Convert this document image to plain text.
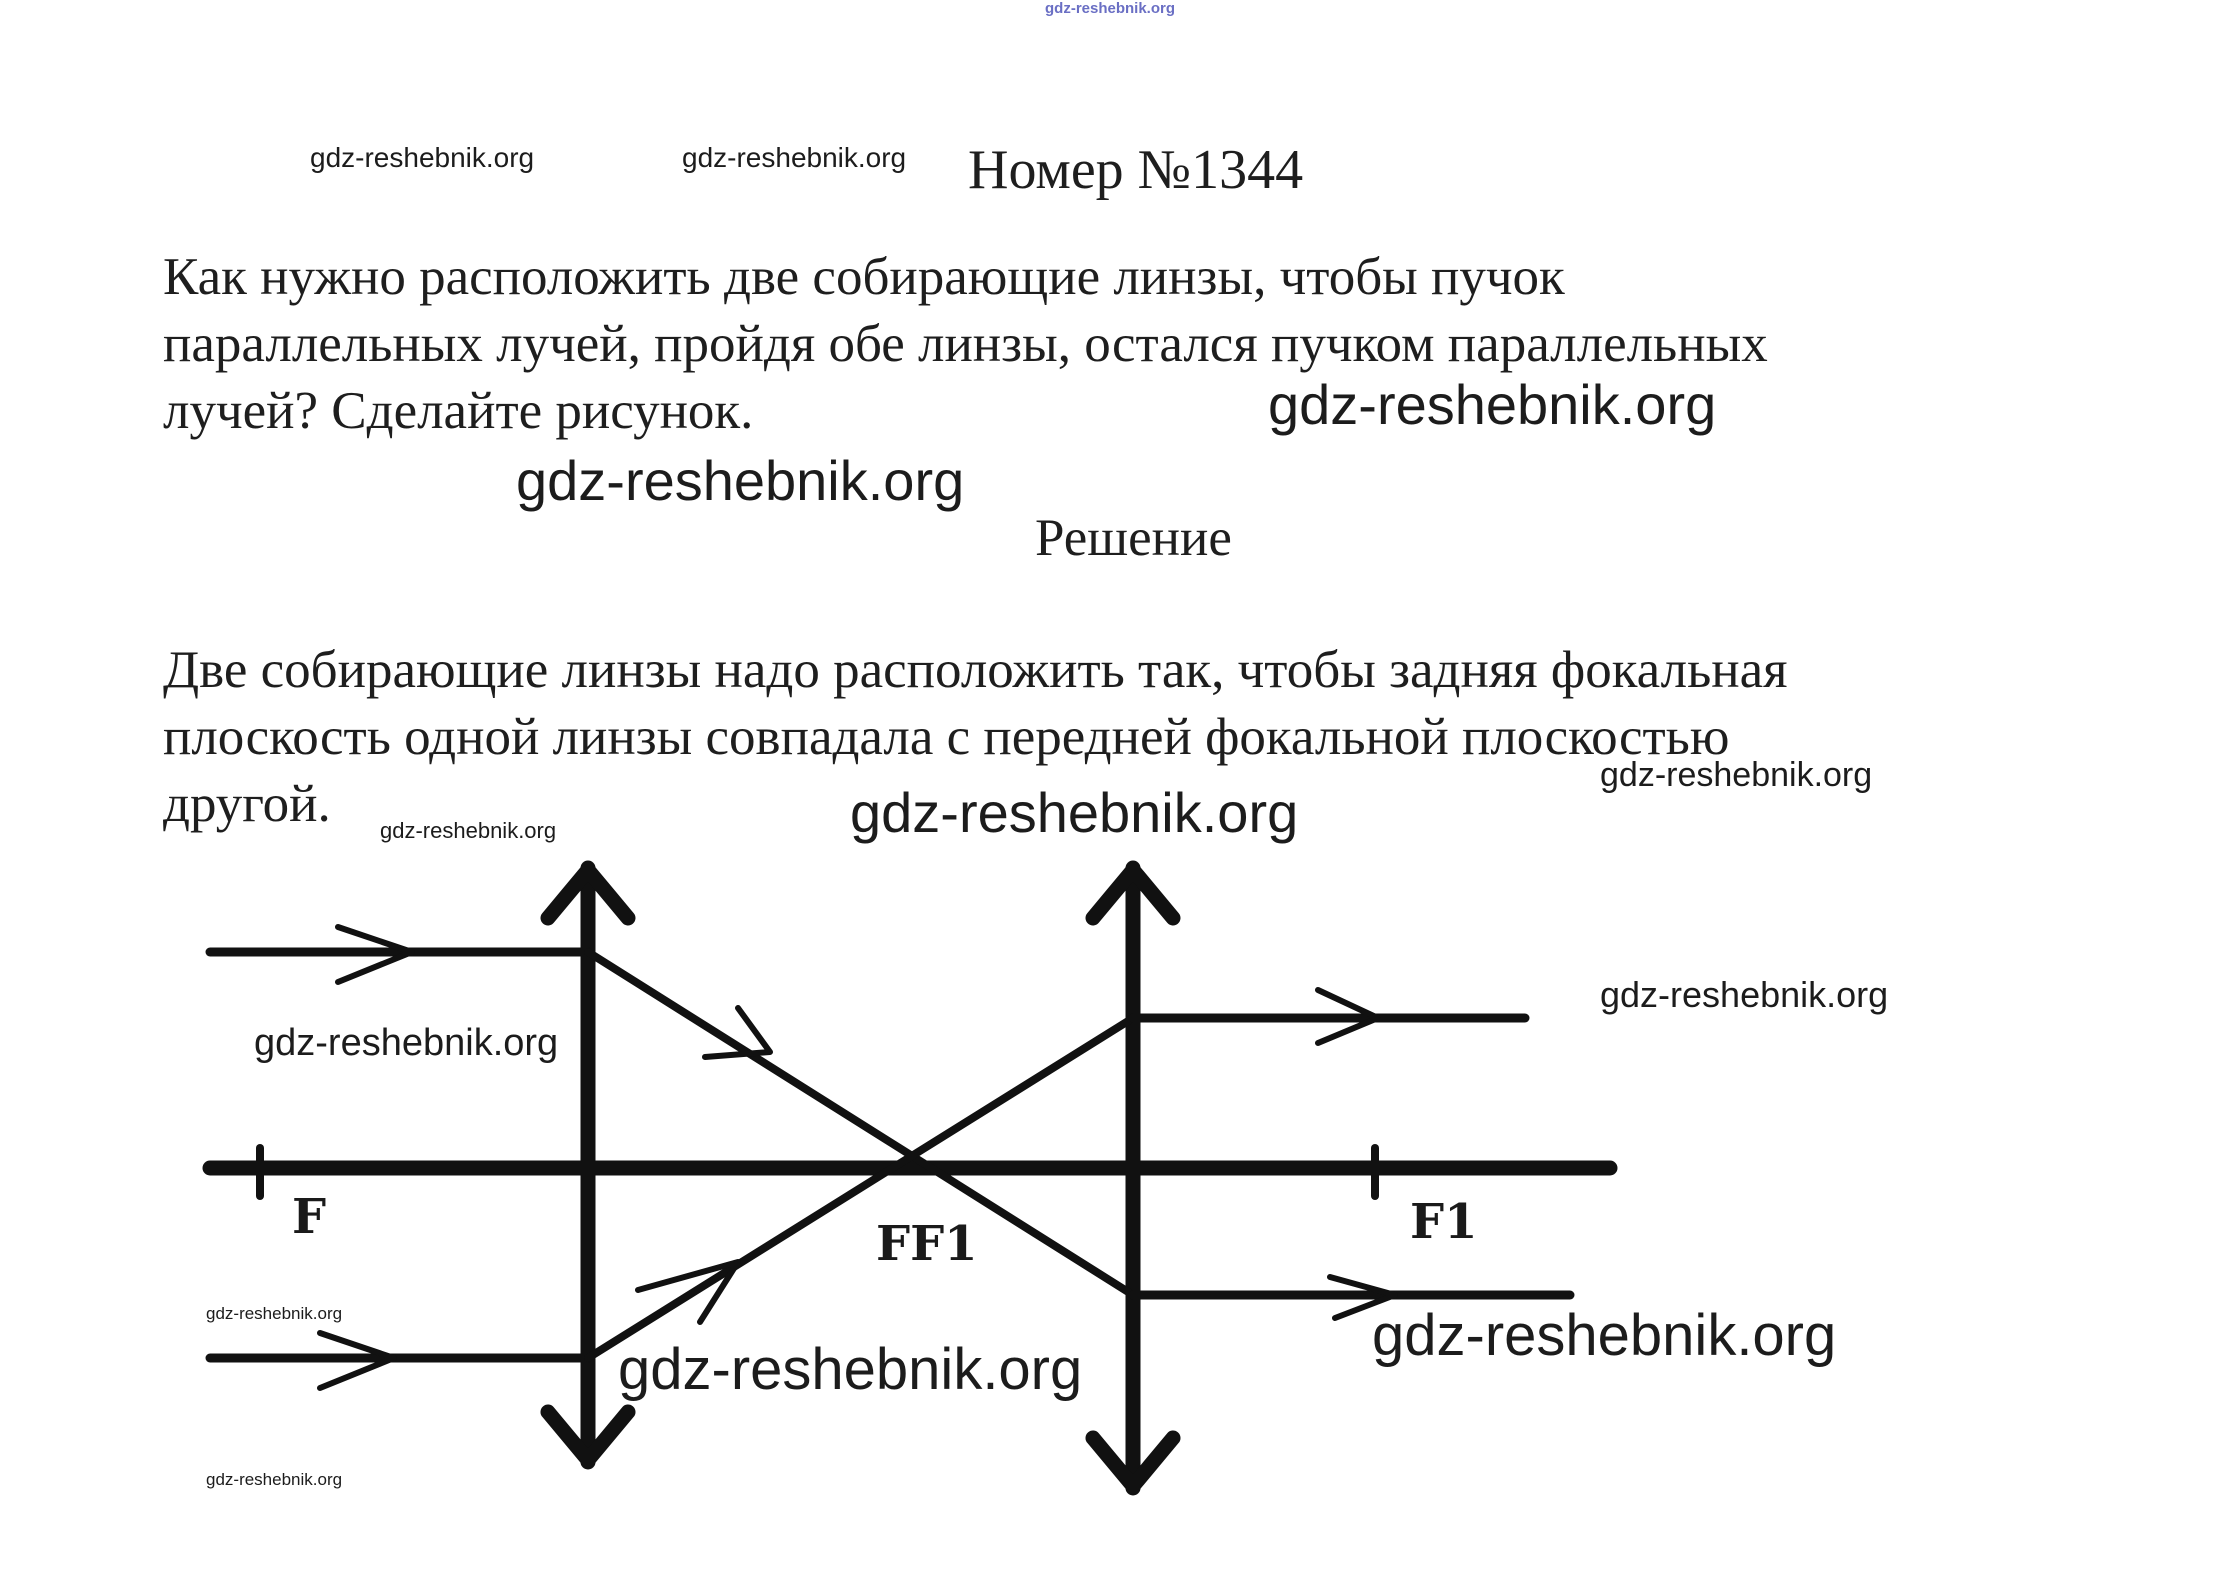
gdz-reshebnik.org
gdz-reshebnik.org	gdz-reshebnik.org Номер №1344
Как нужно расположить две собирающие линзы, чтобы пучок
параллельных лучей, пройдя обе линзы, остался пучком параллельных
лучей? Сделайте рисунок.	gdz-reshebnik.org
gdz-reshebnik.org
Решение
Две собирающие линзы надо расположить так, чтобы задняя фокальная
плоскость одной линзы совпадала с передней фокальной плоскостью
другой.
F	FF1	F1
gdz-reshebnik.org
gdz-reshebnik.org
gdz-reshebnik.org
gdz-reshebnik.org
gdz-reshebnik.org
gdz-reshebnik.org	gdz-reshebnik.org
gdz-reshebnik.org
gdz-reshebnik.org
